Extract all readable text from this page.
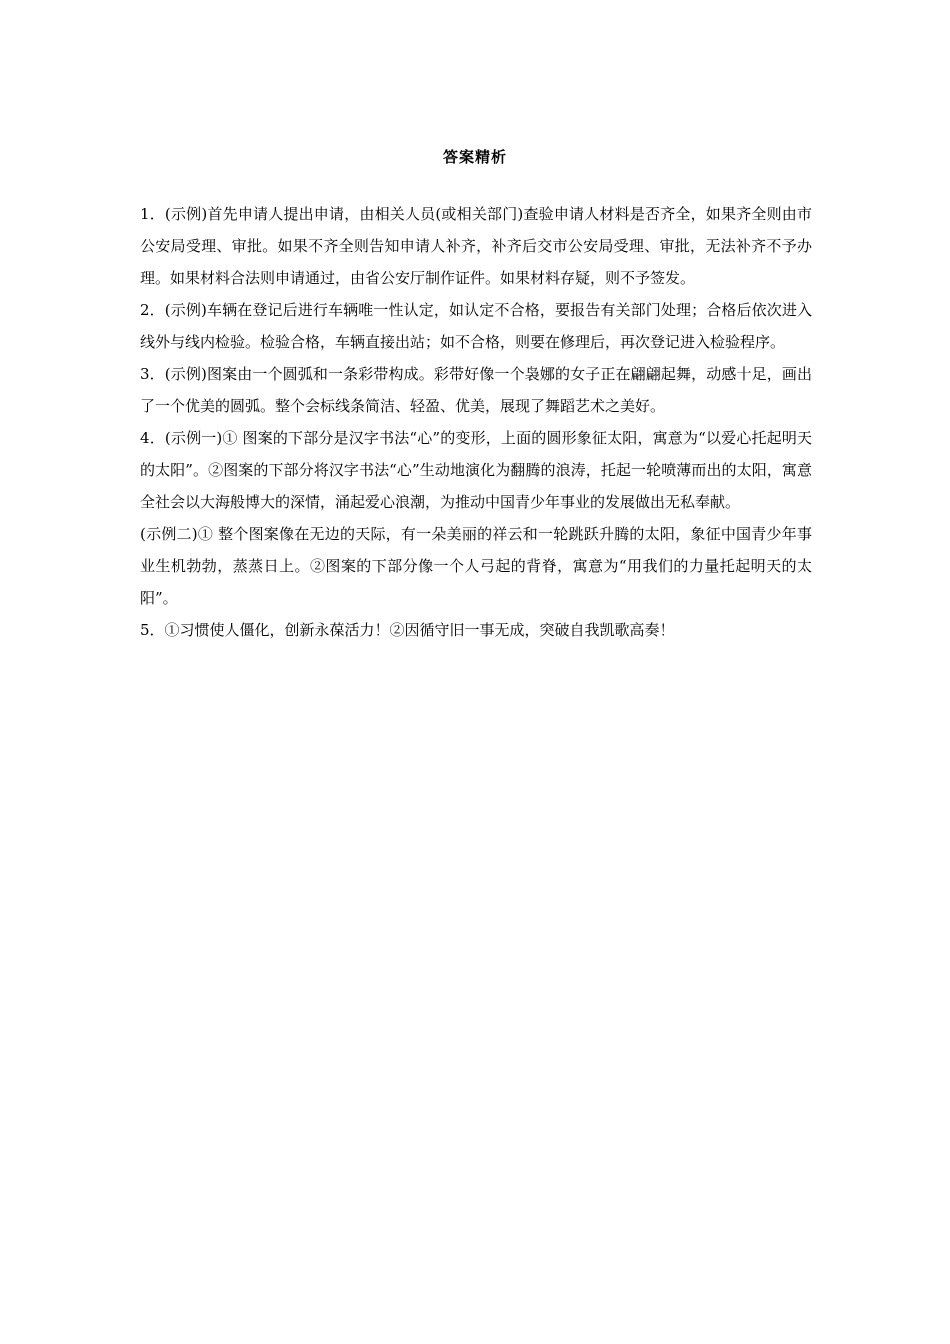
答案精析

1．(示例)首先申请人提出申请，由相关人员(或相关部门)查验申请人材料是否齐全，如果齐全则由市公安局受理、审批。如果不齐全则告知申请人补齐，补齐后交市公安局受理、审批，无法补齐不予办理。如果材料合法则申请通过，由省公安厅制作证件。如果材料存疑，则不予签发。

2．(示例)车辆在登记后进行车辆唯一性认定，如认定不合格，要报告有关部门处理；合格后依次进入线外与线内检验。检验合格，车辆直接出站；如不合格，则要在修理后，再次登记进入检验程序。

3．(示例)图案由一个圆弧和一条彩带构成。彩带好像一个袅娜的女子正在翩翩起舞，动感十足，画出了一个优美的圆弧。整个会标线条简洁、轻盈、优美，展现了舞蹈艺术之美好。

4．(示例一)① 图案的下部分是汉字书法“心”的变形，上面的圆形象征太阳，寓意为“以爱心托起明天的太阳”。②图案的下部分将汉字书法“心”生动地演化为翻腾的浪涛，托起一轮喷薄而出的太阳，寓意全社会以大海般博大的深情，涌起爱心浪潮，为推动中国青少年事业的发展做出无私奉献。

(示例二)① 整个图案像在无边的天际，有一朵美丽的祥云和一轮跳跃升腾的太阳，象征中国青少年事业生机勃勃，蒸蒸日上。②图案的下部分像一个人弓起的背脊，寓意为“用我们的力量托起明天的太阳”。

5．①习惯使人僵化，创新永葆活力！②因循守旧一事无成，突破自我凯歌高奏！
